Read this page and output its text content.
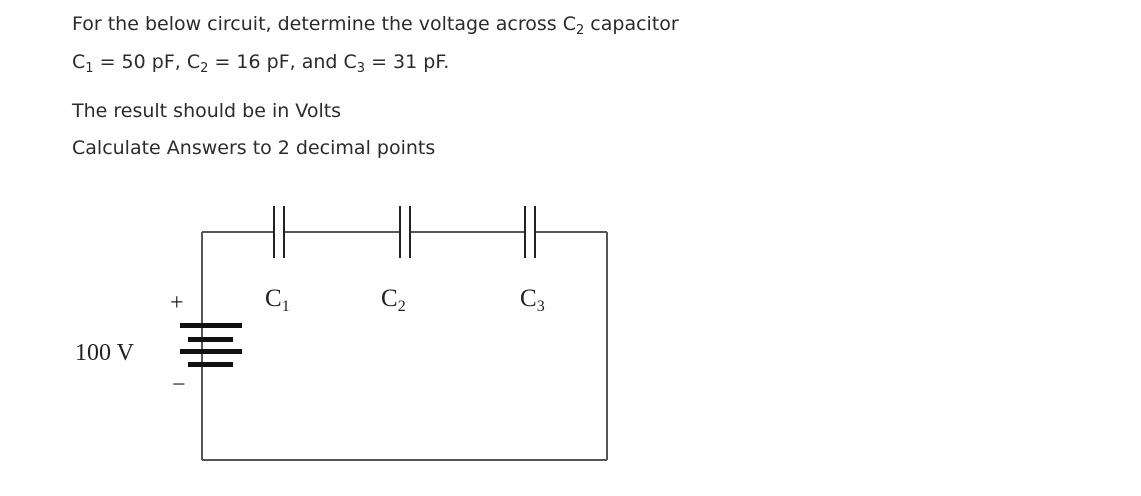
For the below circuit, determine the voltage across $C_2$ capacitor
$C_1 = 50$ pF, $C_2 = 16$ pF, and $C_3 = 31$ pF.
The result should be in Volts
Calculate Answers to 2 decimal points
$C_1$	$C_2$	$C_3$
+
−
100 V
